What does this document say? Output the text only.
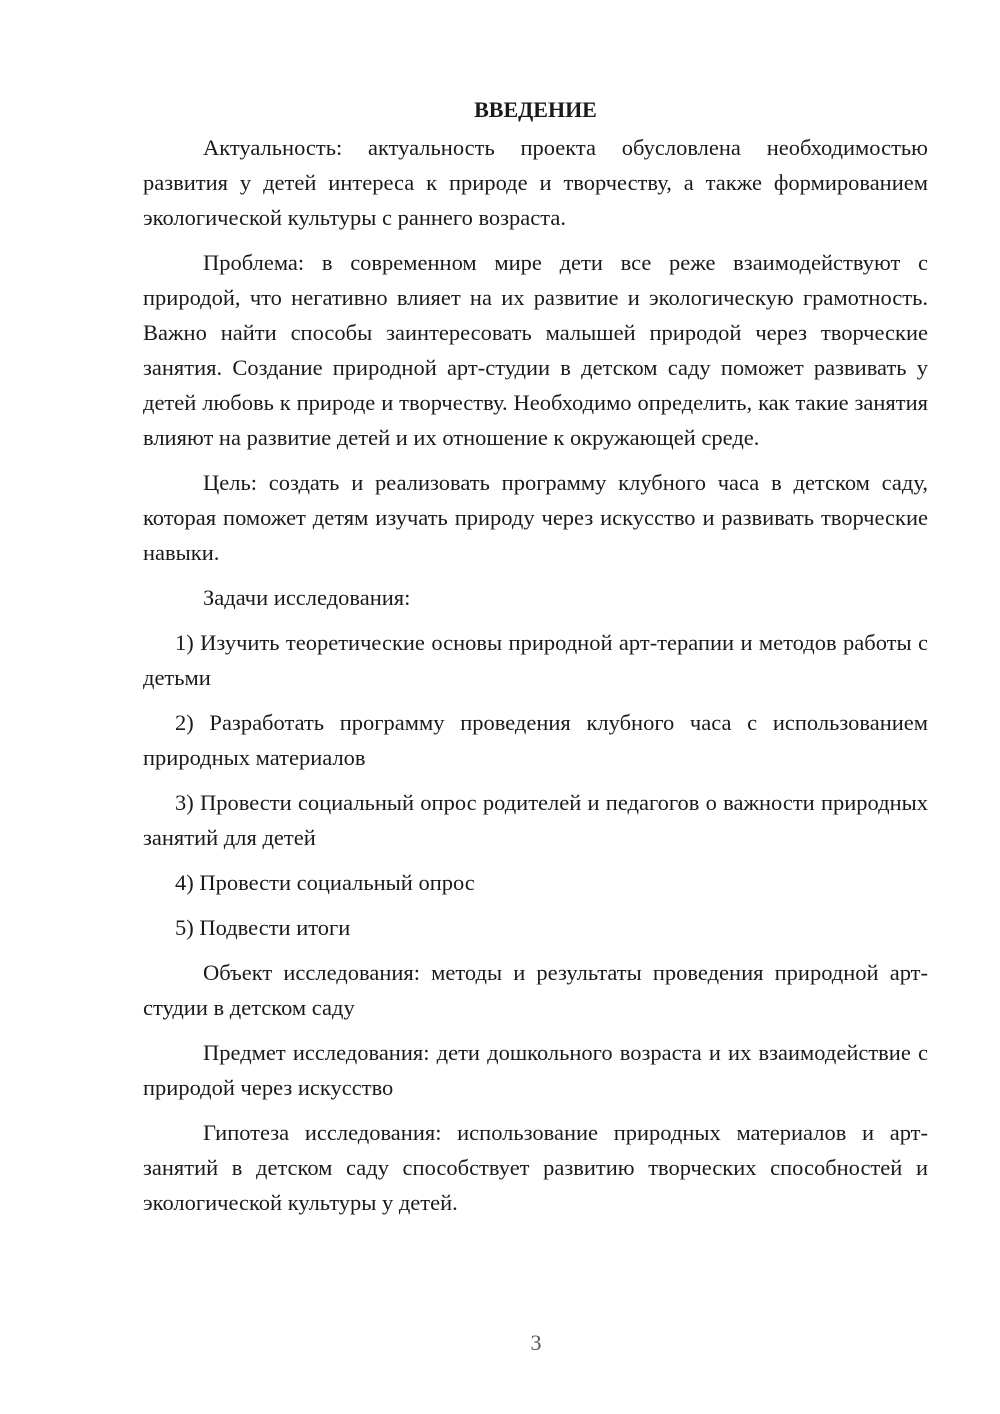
ВВЕДЕНИЕ

Актуальность: актуальность проекта обусловлена необходимостью развития у детей интереса к природе и творчеству, а также формированием экологической культуры с раннего возраста.

Проблема: в современном мире дети все реже взаимодействуют с природой, что негативно влияет на их развитие и экологическую грамотность. Важно найти способы заинтересовать малышей природой через творческие занятия. Создание природной арт-студии в детском саду поможет развивать у детей любовь к природе и творчеству. Необходимо определить, как такие занятия влияют на развитие детей и их отношение к окружающей среде.

Цель: создать и реализовать программу клубного часа в детском саду, которая поможет детям изучать природу через искусство и развивать творческие навыки.

Задачи исследования:

1) Изучить теоретические основы природной арт-терапии и методов работы с детьми

2) Разработать программу проведения клубного часа с использованием природных материалов

3) Провести социальный опрос родителей и педагогов о важности природных занятий для детей

4) Провести социальный опрос

5) Подвести итоги

Объект исследования: методы и результаты проведения природной арт-студии в детском саду

Предмет исследования: дети дошкольного возраста и их взаимодействие с природой через искусство

Гипотеза исследования: использование природных материалов и арт-занятий в детском саду способствует развитию творческих способностей и экологической культуры у детей.

3
